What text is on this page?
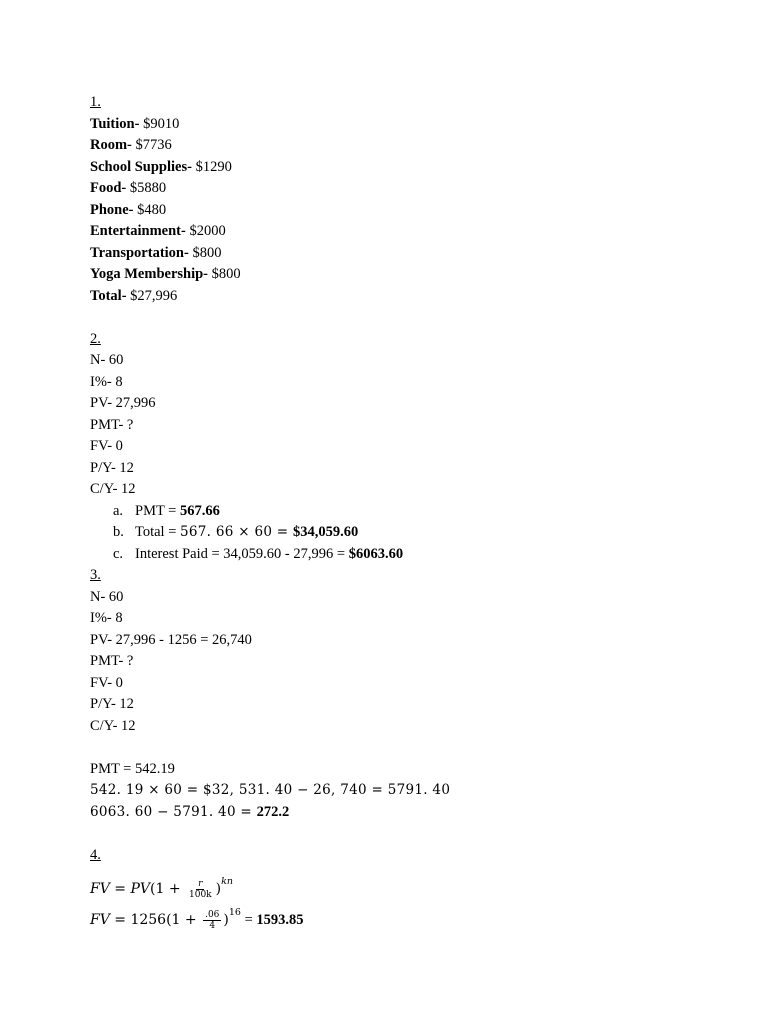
1.
Tuition- $9010
Room- $7736
School Supplies- $1290
Food- $5880
Phone- $480
Entertainment- $2000
Transportation- $800
Yoga Membership- $800
Total- $27,996
2.
N- 60
I%- 8
PV- 27,996
PMT- ?
FV- 0
P/Y- 12
C/Y- 12
a. PMT = 567.66
b. Total = 567. 66 × 60 = $34,059.60
c. Interest Paid = 34,059.60 - 27,996 = $6063.60
3.
N- 60
I%- 8
PV- 27,996 - 1256 = 26,740
PMT- ?
FV- 0
P/Y- 12
C/Y- 12
PMT = 542.19
542. 19 × 60 = $32, 531. 40 − 26, 740 = 5791. 40
6063. 60 − 5791. 40 = 272.2
4.
FV = $PV(1 + \frac{r}{100k} )^{kn}$
FV = $1256(1 + \frac{.06}{4} )^{16} = 1593.85$
